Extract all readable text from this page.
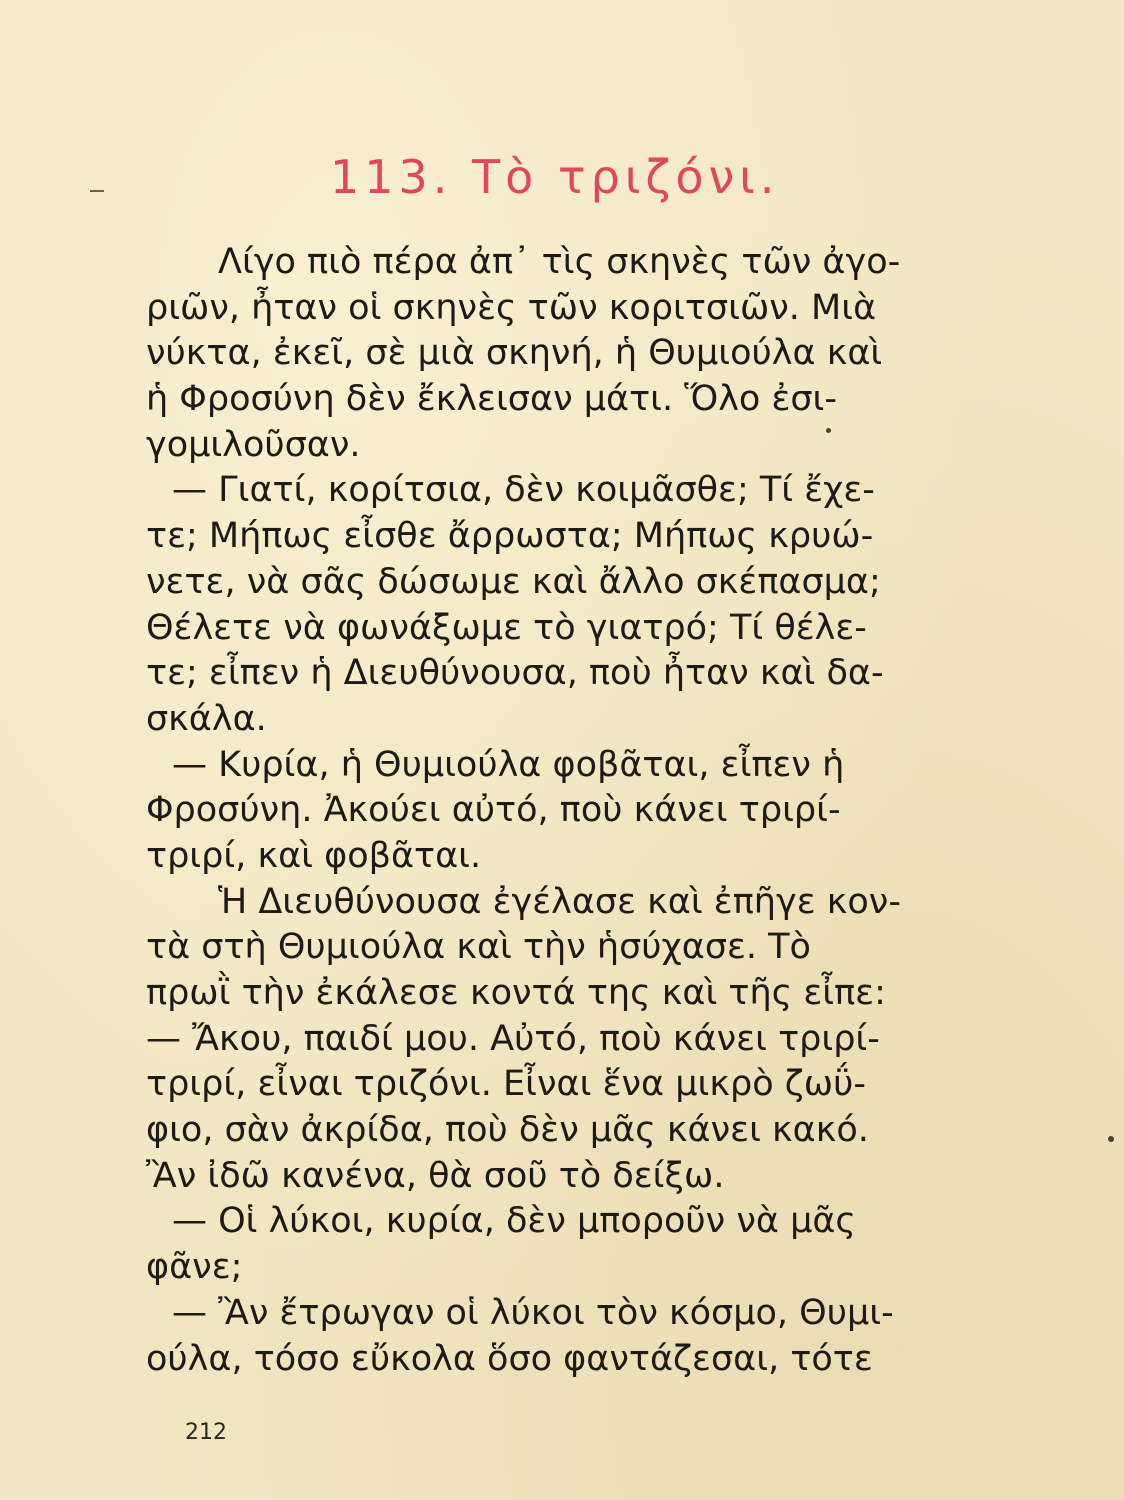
113. Τὸ τριζόνι.
Λίγο πιὸ πέρα ἀπ᾽ τὶς σκηνὲς τῶν ἀγο-
ριῶν, ἦταν οἱ σκηνὲς τῶν κοριτσιῶν. Μιὰ
νύκτα, ἐκεῖ, σὲ μιὰ σκηνή, ἡ Θυμιούλα καὶ
ἡ Φροσύνη δὲν ἔκλεισαν μάτι. Ὅλο ἐσι-
γομιλοῦσαν.
— Γιατί, κορίτσια, δὲν κοιμᾶσθε; Τί ἔχε-
τε; Μήπως εἶσθε ἄρρωστα; Μήπως κρυώ-
νετε, νὰ σᾶς δώσωμε καὶ ἄλλο σκέπασμα;
Θέλετε νὰ φωνάξωμε τὸ γιατρό; Τί θέλε-
τε; εἶπεν ἡ Διευθύνουσα, ποὺ ἦταν καὶ δα-
σκάλα.
— Κυρία, ἡ Θυμιούλα φοβᾶται, εἶπεν ἡ
Φροσύνη. Ἀκούει αὐτό, ποὺ κάνει τριρί-
τριρί, καὶ φοβᾶται.
Ἡ Διευθύνουσα ἐγέλασε καὶ ἐπῆγε κον-
τὰ στὴ Θυμιούλα καὶ τὴν ἡσύχασε. Τὸ
πρωῒ τὴν ἐκάλεσε κοντά της καὶ τῆς εἶπε:
— Ἄκου, παιδί μου. Αὐτό, ποὺ κάνει τριρί-
τριρί, εἶναι τριζόνι. Εἶναι ἕνα μικρὸ ζωΰ-
φιο, σὰν ἀκρίδα, ποὺ δὲν μᾶς κάνει κακό.
Ἂν ἰδῶ κανένα, θὰ σοῦ τὸ δείξω.
— Οἱ λύκοι, κυρία, δὲν μποροῦν νὰ μᾶς
φᾶνε;
— Ἂν ἔτρωγαν οἱ λύκοι τὸν κόσμο, Θυμι-
ούλα, τόσο εὔκολα ὅσο φαντάζεσαι, τότε
212
